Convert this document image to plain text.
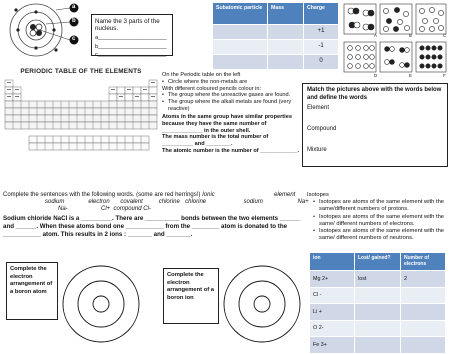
a
b
c
Name the 3 parts of the nucleus.
a______________________
b______________________
c______________________
PERIODIC TABLE OF THE ELEMENTS
Subatomic particle	Mass	Charge
		+1
		-1
		0
A	B	C
D	E	F
On the Periodic table on the left
• Circle where the non-metals are
With different coloured pencils colour in:
• The group where the unreactive gases are found.
• The group where the alkali metals are found (very reactive)
Atoms in the same group have similar properties because they have the same number of _____________ in the outer shell.
The mass number is the total number of __________ and ________.
The atomic number is the number of ____________.
Match the pictures above with the words below and define the words
Element
Compound
Mixture
Complete the sentences with the following words. (some are red herrings!) Ionic
sodium	electron covalent	chlorine chlorine	sodium	Na+
Na-	Cl+ compound Cl-
Sodium chloride NaCl is a _________. There are __________ bonds between the two elements ______ and ______. When these atoms bond one ___________ from the ________ atom is donated to the ___________ atom. This results in 2 ions : _______ and _______.
element	Isotopes
• Isotopes are atoms of the same element with the same/different numbers of protons.
• Isotopes are atoms of the same element with the same/ different numbers of electrons.
• Isotopes are atoms of the same element with the same/ different numbers of neutrons.
ion	Lost/ gained?	Number of electrons
Mg 2+	lost	2
Cl -		
Li +		
O 2-		
Fe 3+		
Complete the electron arrangement of a boron atom
Complete the electron arrangement of a boron ion
